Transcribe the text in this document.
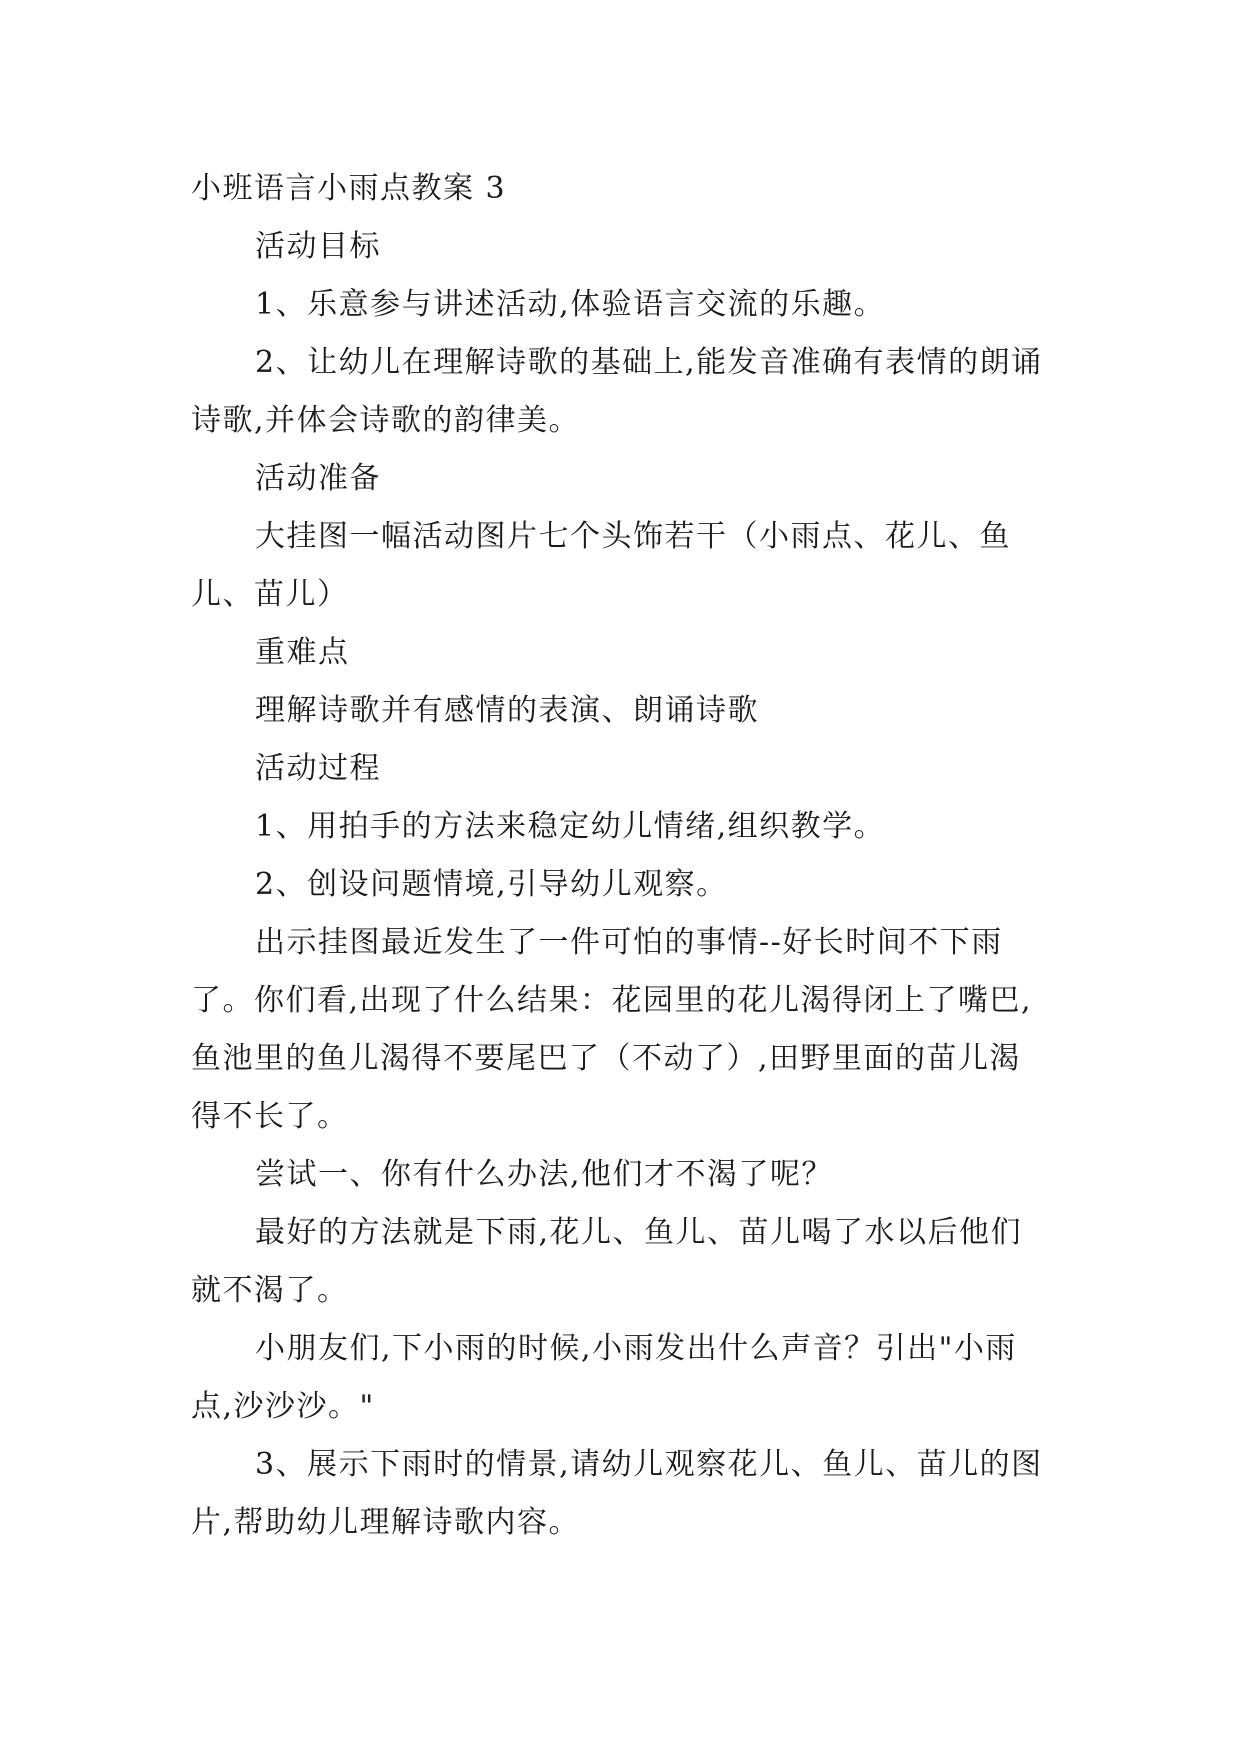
小班语言小雨点教案 3

活动目标

1、乐意参与讲述活动,体验语言交流的乐趣。

2、让幼儿在理解诗歌的基础上,能发音准确有表情的朗诵诗歌,并体会诗歌的韵律美。

活动准备

大挂图一幅活动图片七个头饰若干（小雨点、花儿、鱼儿、苗儿）

重难点

理解诗歌并有感情的表演、朗诵诗歌

活动过程

1、用拍手的方法来稳定幼儿情绪,组织教学。

2、创设问题情境,引导幼儿观察。

出示挂图最近发生了一件可怕的事情--好长时间不下雨了。你们看,出现了什么结果：花园里的花儿渴得闭上了嘴巴,鱼池里的鱼儿渴得不要尾巴了（不动了）,田野里面的苗儿渴得不长了。

尝试一、你有什么办法,他们才不渴了呢？

最好的方法就是下雨,花儿、鱼儿、苗儿喝了水以后他们就不渴了。

小朋友们,下小雨的时候,小雨发出什么声音？引出"小雨点,沙沙沙。"

3、展示下雨时的情景,请幼儿观察花儿、鱼儿、苗儿的图片,帮助幼儿理解诗歌内容。
